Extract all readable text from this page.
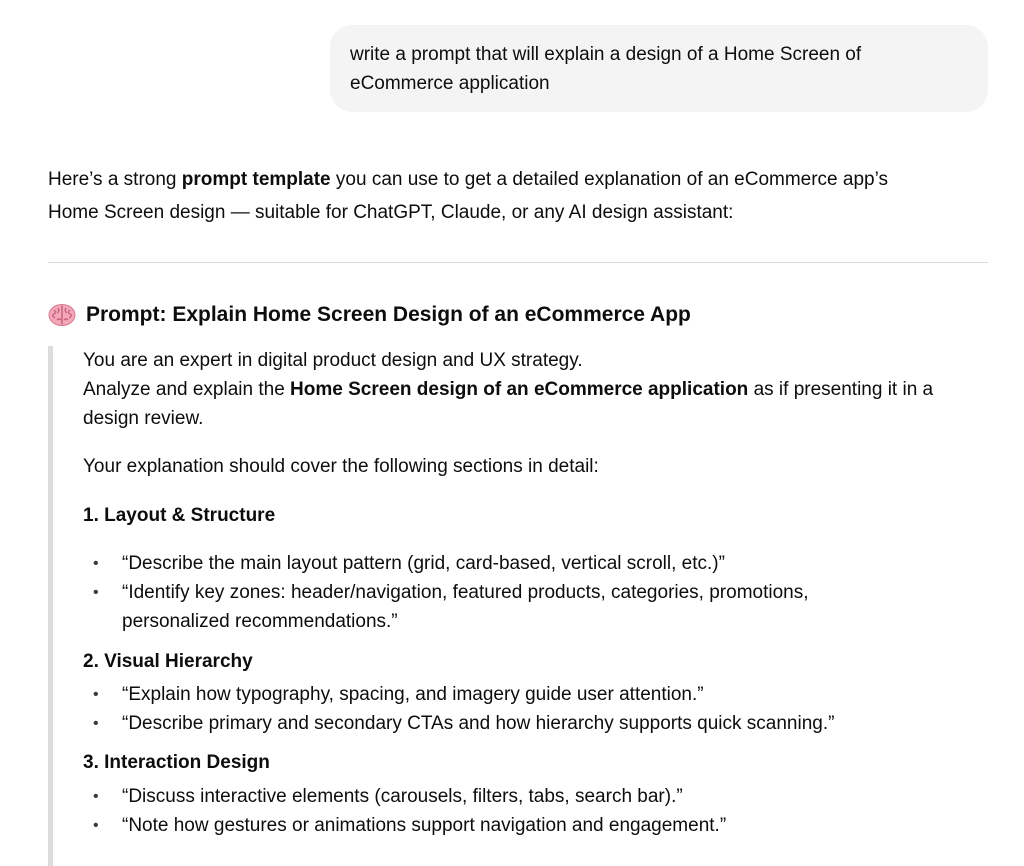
write a prompt that will explain a design of a Home Screen of
eCommerce application
Here’s a strong prompt template you can use to get a detailed explanation of an eCommerce app’s
Home Screen design — suitable for ChatGPT, Claude, or any AI design assistant:
Prompt: Explain Home Screen Design of an eCommerce App
You are an expert in digital product design and UX strategy.
Analyze and explain the Home Screen design of an eCommerce application as if presenting it in a
design review.
Your explanation should cover the following sections in detail:
1. Layout & Structure
• “Describe the main layout pattern (grid, card-based, vertical scroll, etc.)”
• “Identify key zones: header/navigation, featured products, categories, promotions,
personalized recommendations.”
2. Visual Hierarchy
• “Explain how typography, spacing, and imagery guide user attention.”
• “Describe primary and secondary CTAs and how hierarchy supports quick scanning.”
3. Interaction Design
• “Discuss interactive elements (carousels, filters, tabs, search bar).”
• “Note how gestures or animations support navigation and engagement.”
